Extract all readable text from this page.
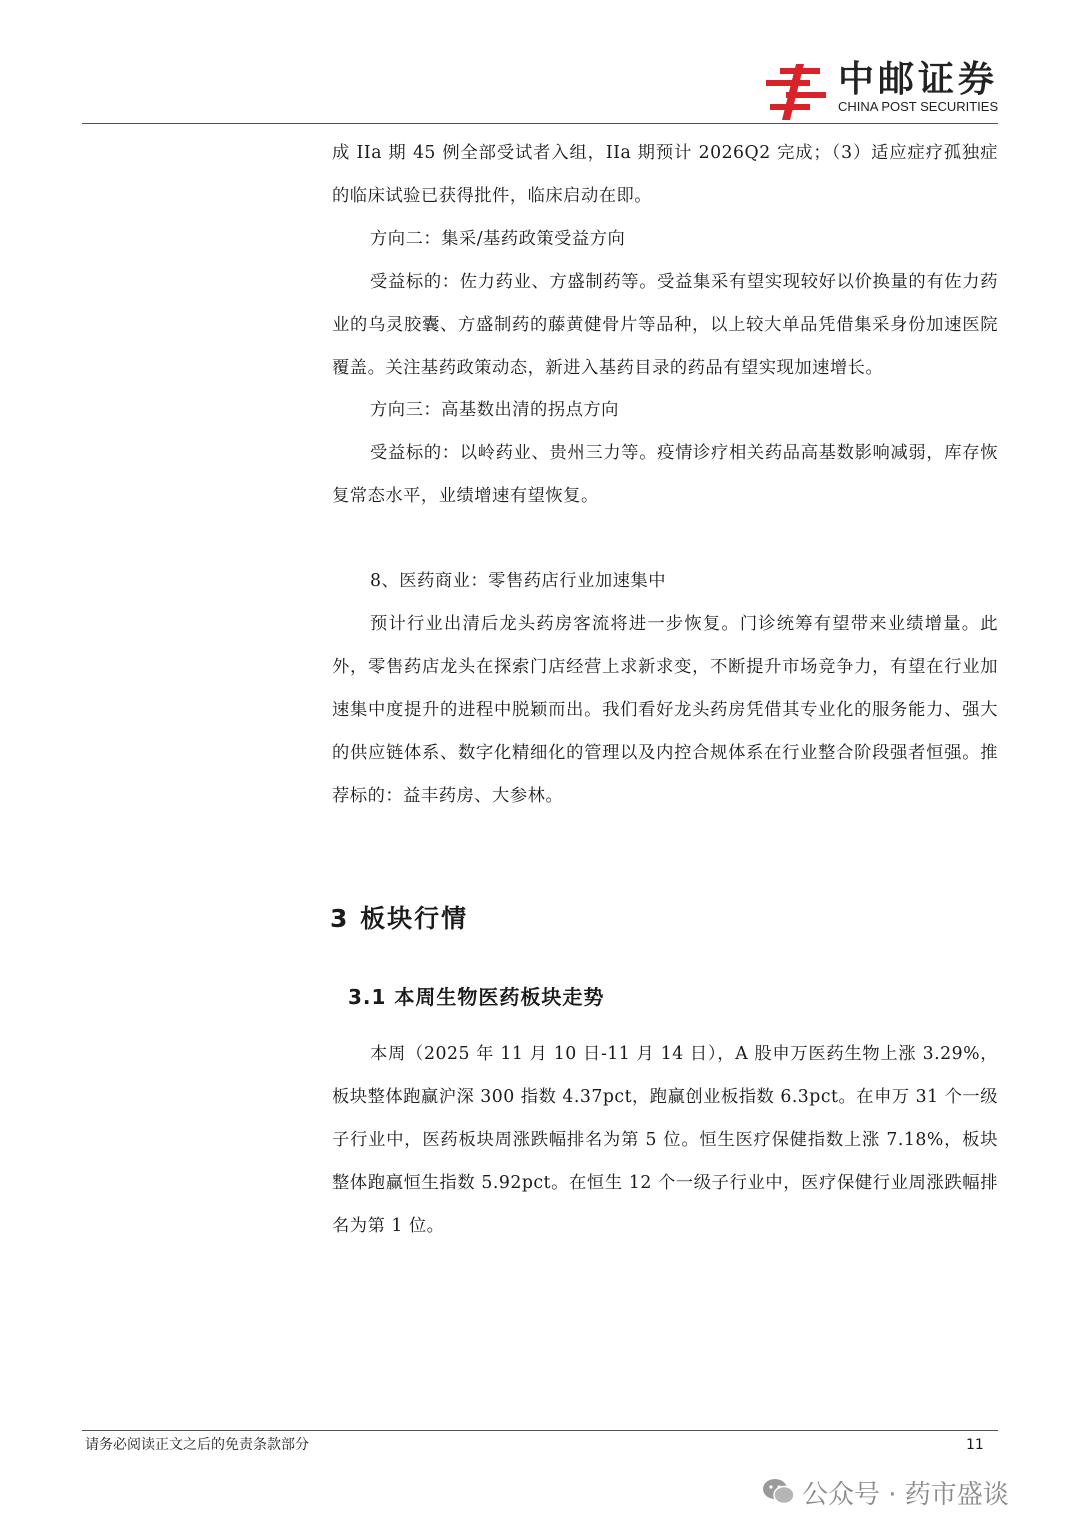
中邮证券
CHINA POST SECURITIES
成 IIa 期 45 例全部受试者入组，IIa 期预计 2026Q2 完成；（3）适应症疗孤独症的临床试验已获得批件，临床启动在即。
方向二：集采/基药政策受益方向
受益标的：佐力药业、方盛制药等。受益集采有望实现较好以价换量的有佐力药业的乌灵胶囊、方盛制药的藤黄健骨片等品种，以上较大单品凭借集采身份加速医院覆盖。关注基药政策动态，新进入基药目录的药品有望实现加速增长。
方向三：高基数出清的拐点方向
受益标的：以岭药业、贵州三力等。疫情诊疗相关药品高基数影响减弱，库存恢复常态水平，业绩增速有望恢复。
8、医药商业：零售药店行业加速集中
预计行业出清后龙头药房客流将进一步恢复。门诊统筹有望带来业绩增量。此外，零售药店龙头在探索门店经营上求新求变，不断提升市场竞争力，有望在行业加速集中度提升的进程中脱颖而出。我们看好龙头药房凭借其专业化的服务能力、强大的供应链体系、数字化精细化的管理以及内控合规体系在行业整合阶段强者恒强。推荐标的：益丰药房、大参林。
3 板块行情
3.1 本周生物医药板块走势
本周（2025 年 11 月 10 日-11 月 14 日），A 股申万医药生物上涨 3.29%，板块整体跑赢沪深 300 指数 4.37pct，跑赢创业板指数 6.3pct。在申万 31 个一级子行业中，医药板块周涨跌幅排名为第 5 位。恒生医疗保健指数上涨 7.18%，板块整体跑赢恒生指数 5.92pct。在恒生 12 个一级子行业中，医疗保健行业周涨跌幅排名为第 1 位。
请务必阅读正文之后的免责条款部分	11
公众号 · 药市盛谈
